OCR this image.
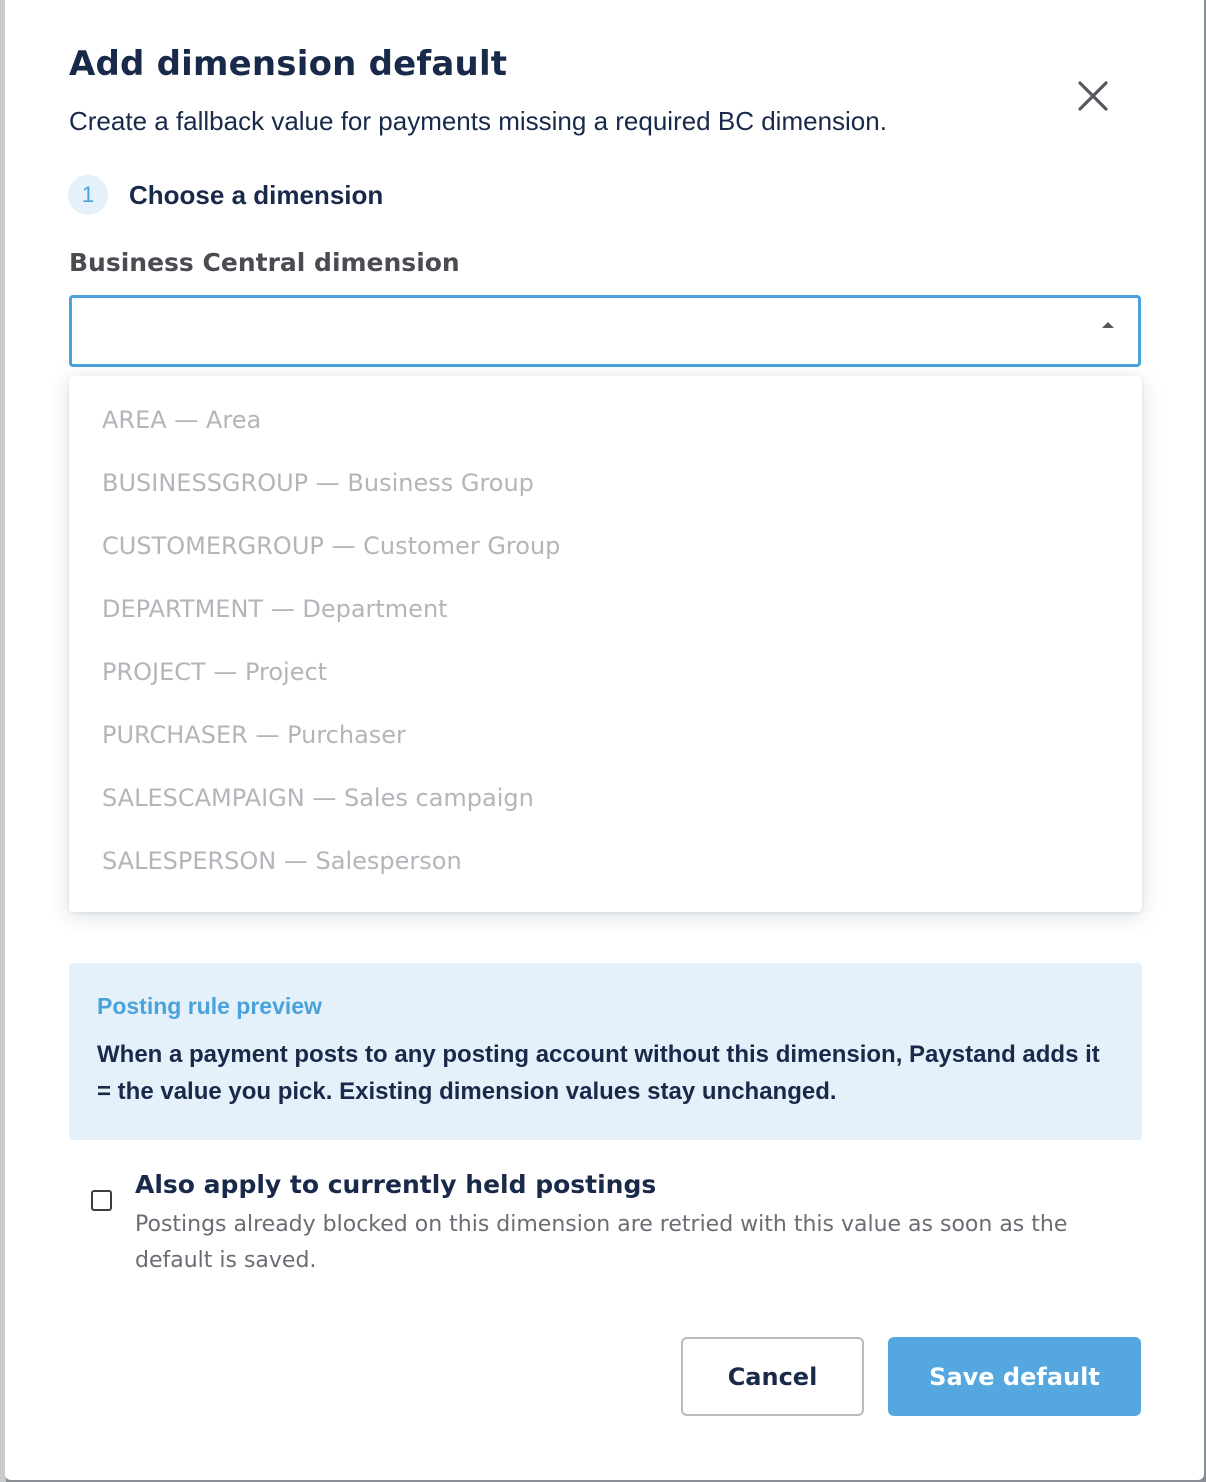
Add dimension default

Create a fallback value for payments missing a required BC dimension.

1	Choose a dimension
Business Central dimension
AREA — Area
BUSINESSGROUP — Business Group
CUSTOMERGROUP — Customer Group
DEPARTMENT — Department
PROJECT — Project
PURCHASER — Purchaser
SALESCAMPAIGN — Sales campaign
SALESPERSON — Salesperson
Posting rule preview
When a payment posts to any posting account without this dimension, Paystand adds it = the value you pick. Existing dimension values stay unchanged.
Also apply to currently held postings
Postings already blocked on this dimension are retried with this value as soon as the default is saved.
Cancel	Save default
